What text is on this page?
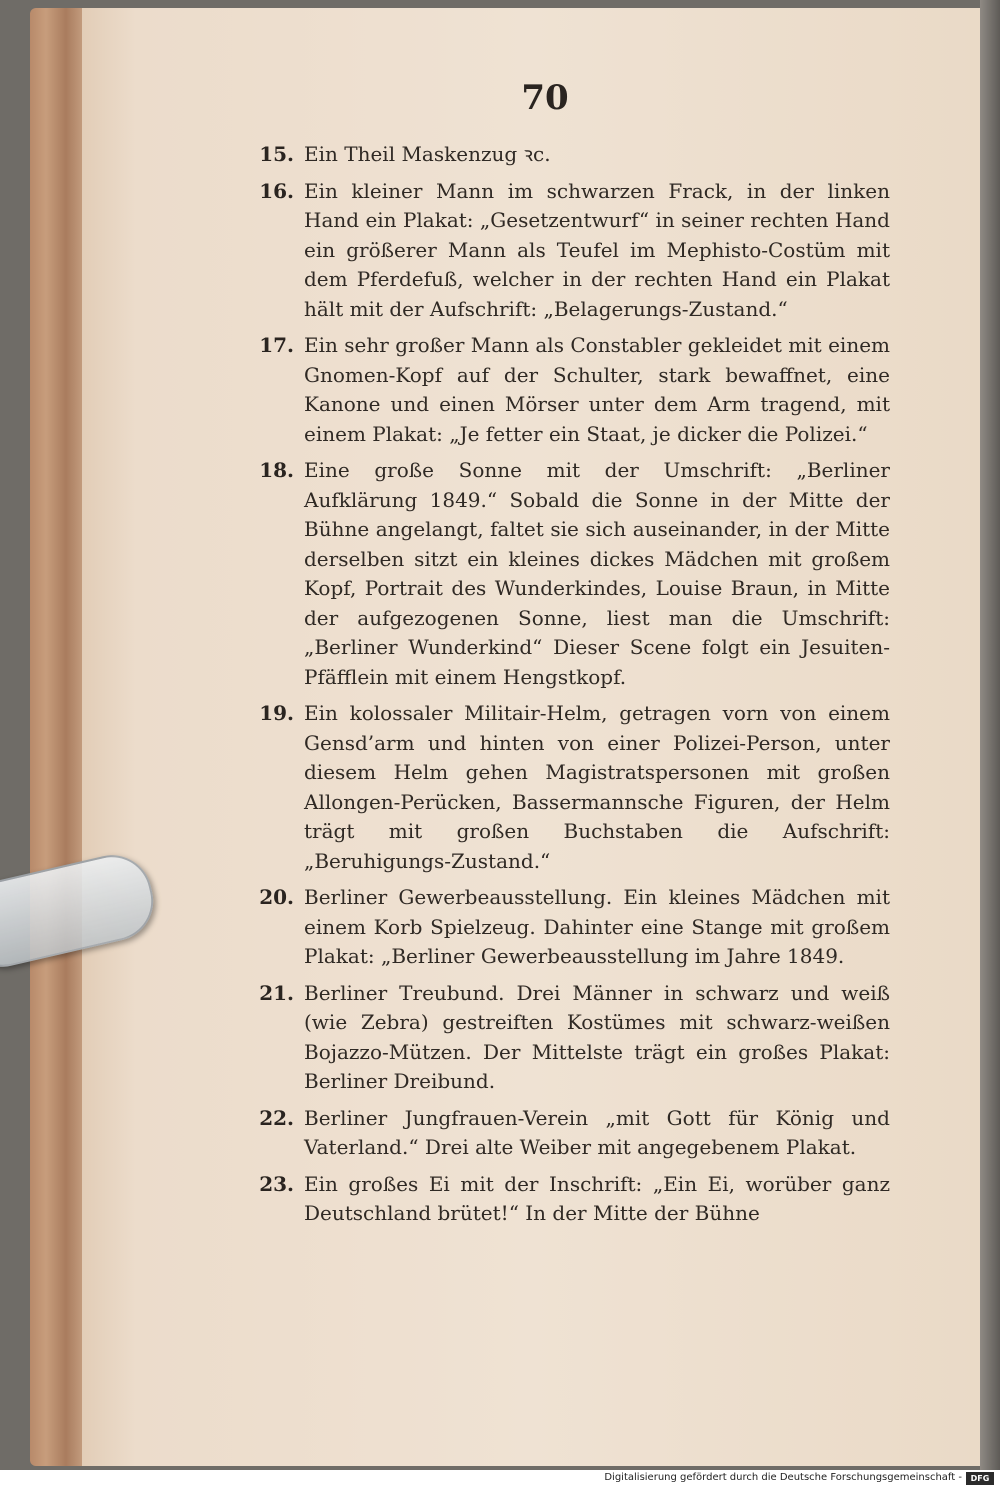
70
15. Ein Theil Maskenzug ꝛc.
16. Ein kleiner Mann im schwarzen Frack, in der linken Hand ein Plakat: „Gesetzentwurf“ in seiner rechten Hand ein größerer Mann als Teufel im Mephisto-Costüm mit dem Pferdefuß, welcher in der rechten Hand ein Plakat hält mit der Aufschrift: „Belagerungs-Zustand.“
17. Ein sehr großer Mann als Constabler gekleidet mit einem Gnomen-Kopf auf der Schulter, stark bewaffnet, eine Kanone und einen Mörser unter dem Arm tragend, mit einem Plakat: „Je fetter ein Staat, je dicker die Polizei.“
18. Eine große Sonne mit der Umschrift: „Berliner Aufklärung 1849.“ Sobald die Sonne in der Mitte der Bühne angelangt, faltet sie sich auseinander, in der Mitte derselben sitzt ein kleines dickes Mädchen mit großem Kopf, Portrait des Wunderkindes, Louise Braun, in Mitte der aufgezogenen Sonne, liest man die Umschrift: „Berliner Wunderkind“ Dieser Scene folgt ein Jesuiten-Pfäfflein mit einem Hengstkopf.
19. Ein kolossaler Militair-Helm, getragen vorn von einem Gensd’arm und hinten von einer Polizei-Person, unter diesem Helm gehen Magistratspersonen mit großen Allongen-Perücken, Bassermannsche Figuren, der Helm trägt mit großen Buchstaben die Aufschrift: „Beruhigungs-Zustand.“
20. Berliner Gewerbeausstellung. Ein kleines Mädchen mit einem Korb Spielzeug. Dahinter eine Stange mit großem Plakat: „Berliner Gewerbeausstellung im Jahre 1849.
21. Berliner Treubund. Drei Männer in schwarz und weiß (wie Zebra) gestreiften Kostümes mit schwarz-weißen Bojazzo-Mützen. Der Mittelste trägt ein großes Plakat: Berliner Dreibund.
22. Berliner Jungfrauen-Verein „mit Gott für König und Vaterland.“ Drei alte Weiber mit angegebenem Plakat.
23. Ein großes Ei mit der Inschrift: „Ein Ei, worüber ganz Deutschland brütet!“ In der Mitte der Bühne
Digitalisierung gefördert durch die Deutsche Forschungsgemeinschaft -	DFG
